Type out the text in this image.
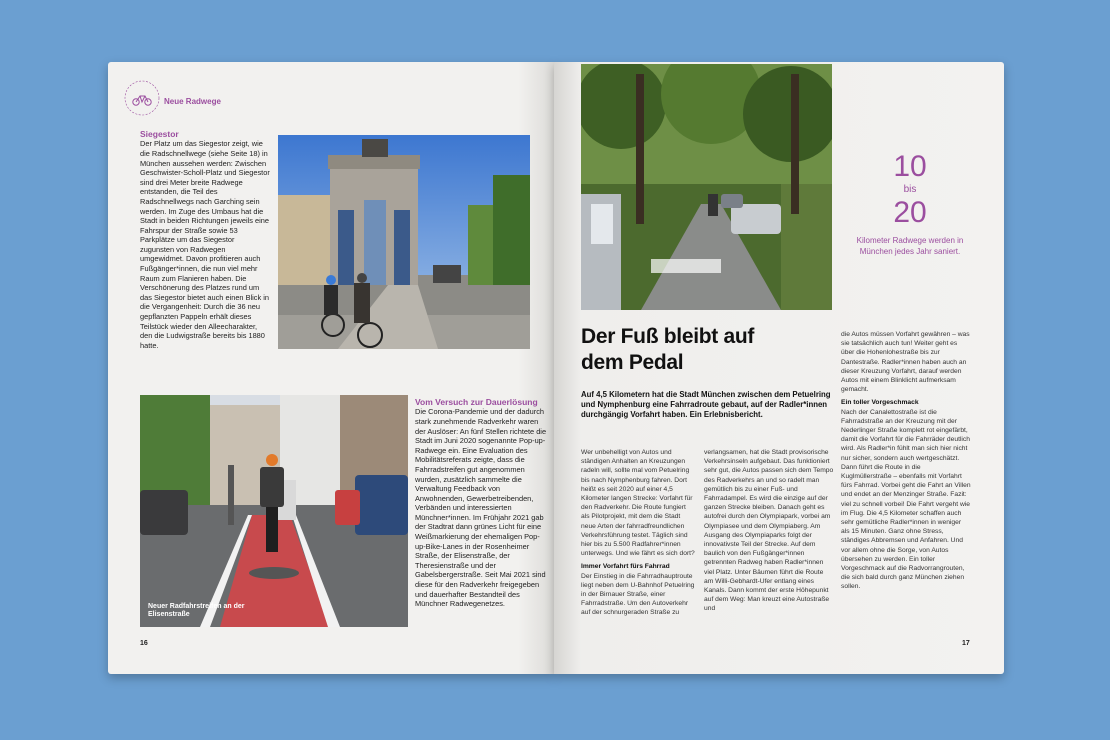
Neue Radwege
Siegestor
Der Platz um das Siegestor zeigt, wie die Radschnellwege (siehe Seite 18) in München aussehen werden: Zwischen Geschwister-Scholl-Platz und Siegestor sind drei Meter breite Radwege entstanden, die Teil des Radschnellwegs nach Garching sein werden. Im Zuge des Umbaus hat die Stadt in beiden Richtungen jeweils eine Fahrspur der Straße sowie 53 Parkplätze um das Siegestor zugunsten von Radwegen umgewidmet. Davon profitieren auch Fußgänger*innen, die nun viel mehr Raum zum Flanieren haben. Die Verschönerung des Platzes rund um das Siegestor bietet auch einen Blick in die Vergangenheit: Durch die 36 neu gepflanzten Pappeln erhält dieses Teilstück wieder den Alleecharakter, den die Ludwigstraße bereits bis 1880 hatte.
Neuer Radfahrstreifen an der Elisenstraße
Vom Versuch zur Dauerlösung
Die Corona-Pandemie und der dadurch stark zunehmende Radverkehr waren der Auslöser: An fünf Stellen richtete die Stadt im Juni 2020 sogenannte Pop-up-Radwege ein. Eine Evaluation des Mobilitätsreferats zeigte, dass die Fahrradstreifen gut angenommen wurden, zusätzlich sammelte die Verwaltung Feedback von Anwohnenden, Gewerbetreibenden, Verbänden und interessierten Münchner*innen. Im Frühjahr 2021 gab der Stadtrat dann grünes Licht für eine Weißmarkierung der ehemaligen Pop-up-Bike-Lanes in der Rosenheimer Straße, der Elisenstraße, der Theresienstraße und der Gabelsbergerstraße. Seit Mai 2021 sind diese für den Radverkehr freigegeben und dauerhafter Bestandteil des Münchner Radwegenetzes.
16
10
bis
20
Kilometer Radwege werden in München jedes Jahr saniert.
Der Fuß bleibt auf
dem Pedal
Auf 4,5 Kilometern hat die Stadt München zwischen dem Petuelring und Nymphenburg eine Fahrradroute gebaut, auf der Radler*innen durchgängig Vorfahrt haben. Ein Erlebnisbericht.
Wer unbehelligt von Autos und ständigen Anhalten an Kreuzungen radeln will, sollte mal vom Petuelring bis nach Nymphenburg fahren. Dort heißt es seit 2020 auf einer 4,5 Kilometer langen Strecke: Vorfahrt für den Radverkehr. Die Route fungiert als Pilotprojekt, mit dem die Stadt neue Arten der fahrradfreundlichen Verkehrsführung testet. Täglich sind hier bis zu 5.500 Radfahrer*innen unterwegs. Und wie fährt es sich dort?
Immer Vorfahrt fürs Fahrrad
Der Einstieg in die Fahrradhauptroute liegt neben dem U-Bahnhof Petuelring in der Birnauer Straße, einer Fahrradstraße. Um den Autoverkehr auf der schnurgeraden Straße zu
verlangsamen, hat die Stadt provisorische Verkehrsinseln aufgebaut. Das funktioniert sehr gut, die Autos passen sich dem Tempo des Radverkehrs an und so radelt man gemütlich bis zu einer Fuß- und Fahrradampel. Es wird die einzige auf der ganzen Strecke bleiben. Danach geht es autofrei durch den Olympiapark, vorbei am Olympiasee und dem Olympiaberg. Am Ausgang des Olympiaparks folgt der innovativste Teil der Strecke. Auf dem baulich von den Fußgänger*innen getrennten Radweg haben Radler*innen viel Platz. Unter Bäumen führt die Route am Willi-Gebhardt-Ufer entlang eines Kanals. Dann kommt der erste Höhepunkt auf dem Weg: Man kreuzt eine Autostraße und
die Autos müssen Vorfahrt gewähren – was sie tatsächlich auch tun! Weiter geht es über die Hohenlohestraße bis zur Dantestraße. Radler*innen haben auch an dieser Kreuzung Vorfahrt, darauf werden Autos mit einem Blinklicht aufmerksam gemacht.
Ein toller Vorgeschmack
Nach der Canalettostraße ist die Fahrradstraße an der Kreuzung mit der Nederlinger Straße komplett rot eingefärbt, damit die Vorfahrt für die Fahrräder deutlich wird. Als Radler*in fühlt man sich hier nicht nur sicher, sondern auch wertgeschätzt. Dann führt die Route in die Kuglmüllerstraße – ebenfalls mit Vorfahrt fürs Fahrrad. Vorbei geht die Fahrt an Villen und endet an der Menzinger Straße. Fazit: viel zu schnell vorbei! Die Fahrt vergeht wie im Flug. Die 4,5 Kilometer schaffen auch sehr gemütliche Radler*innen in weniger als 15 Minuten. Ganz ohne Stress, ständiges Abbremsen und Anfahren. Und vor allem ohne die Sorge, von Autos übersehen zu werden. Ein toller Vorgeschmack auf die Radvorrangrouten, die sich bald durch ganz München ziehen sollen.
17
